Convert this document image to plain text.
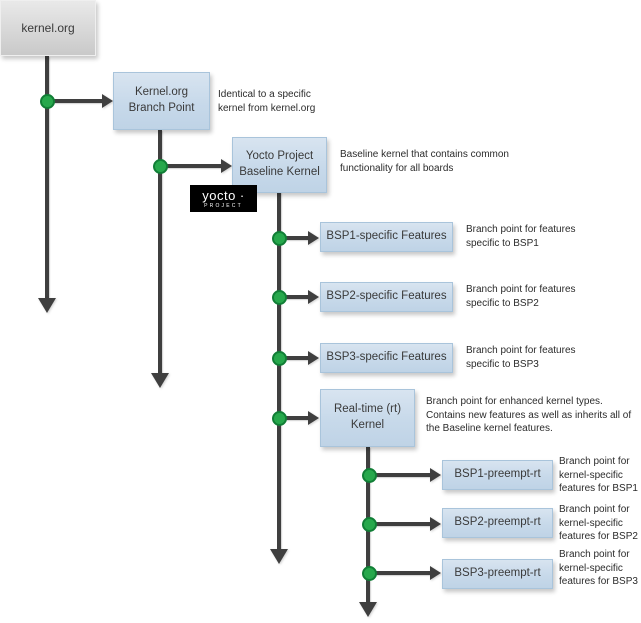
kernel.org
Kernel.org Branch Point
Yocto Project Baseline Kernel
BSP1-specific Features
BSP2-specific Features
BSP3-specific Features
Real-time (rt) Kernel
BSP1-preempt-rt
BSP2-preempt-rt
BSP3-preempt-rt
yocto ·
PROJECT
Identical to a specific kernel from kernel.org
Baseline kernel that contains common functionality for all boards
Branch point for features specific to BSP1
Branch point for features specific to BSP2
Branch point for features specific to BSP3
Branch point for enhanced kernel types. Contains new features as well as inherits all of the Baseline kernel features.
Branch point for kernel-specific features for BSP1
Branch point for kernel-specific features for BSP2
Branch point for kernel-specific features for BSP3
